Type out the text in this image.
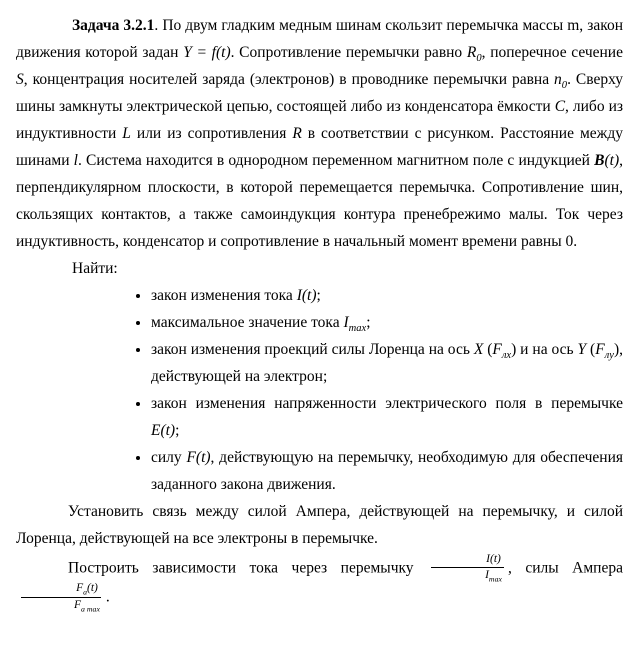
Задача 3.2.1. По двум гладким медным шинам скользит перемычка массы m, закон движения которой задан Y = f(t). Сопротивление перемычки равно $R_0$, поперечное сечение S, концентрация носителей заряда (электронов) в проводнике перемычки равна $n_0$. Сверху шины замкнуты электрической цепью, состоящей либо из конденсатора ёмкости C, либо из индуктивности L или из сопротивления R в соответствии с рисунком. Расстояние между шинами l. Система находится в однородном переменном магнитном поле с индукцией B(t), перпендикулярном плоскости, в которой перемещается перемычка. Сопротивление шин, скользящих контактов, а также самоиндукция контура пренебрежимо малы. Ток через индуктивность, конденсатор и сопротивление в начальный момент времени равны 0.

Найти:

• закон изменения тока I(t);
• максимальное значение тока $I_{max}$;
• закон изменения проекций силы Лоренца на ось X $(F_{лx})$ и на ось Y $(F_{лy})$, действующей на электрон;
• закон изменения напряженности электрического поля в перемычке E(t);
• силу F(t), действующую на перемычку, необходимую для обеспечения заданного закона движения.

Установить связь между силой Ампера, действующей на перемычку, и силой Лоренца, действующей на все электроны в перемычке.

Построить зависимости тока через перемычку $\frac{I(t)}{I_{max}}$ , силы Ампера
$\frac{F_а(t)}{F_{а max}}$ .
